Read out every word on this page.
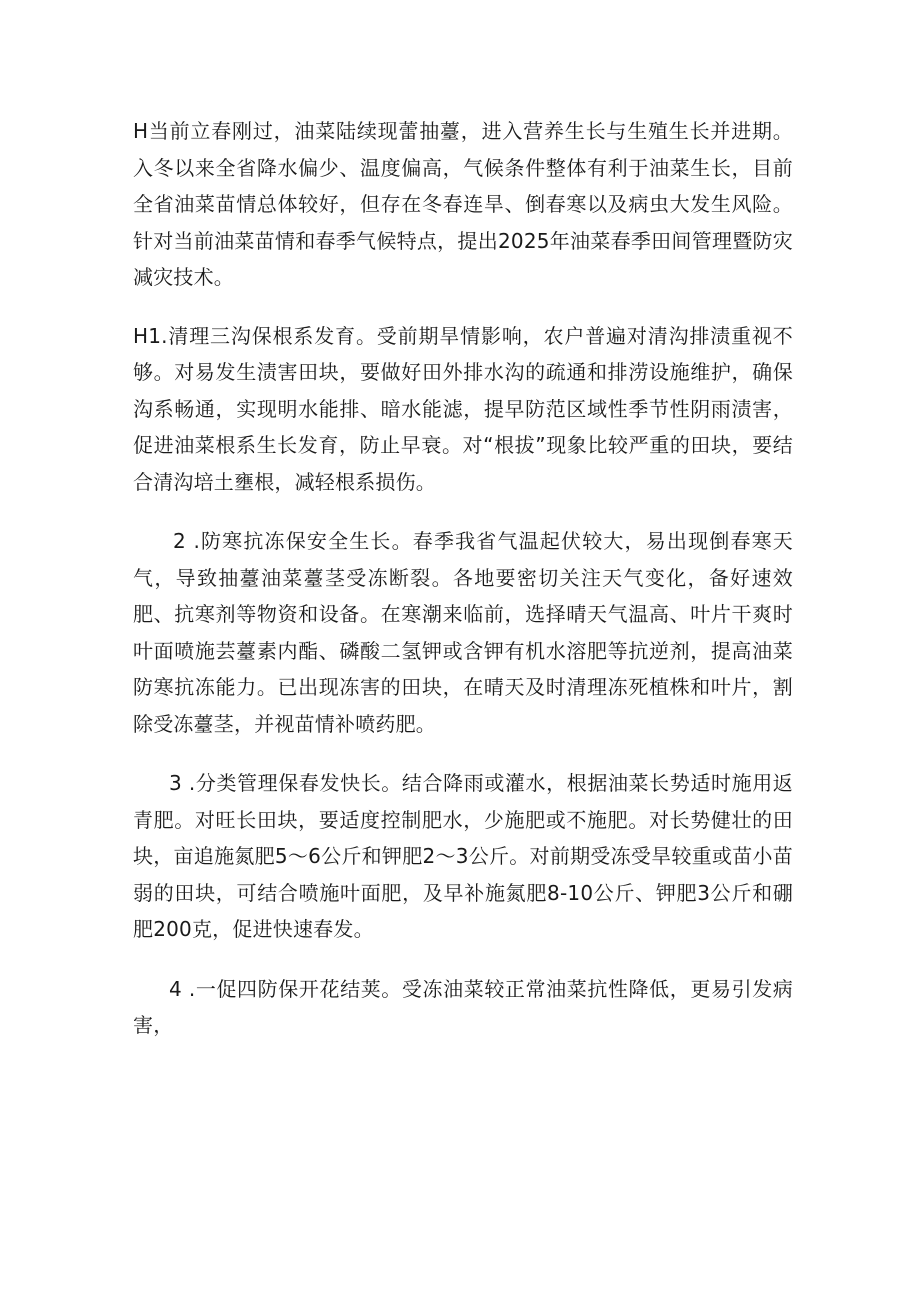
H当前立春刚过，油菜陆续现蕾抽薹，进入营养生长与生殖生长并进期。入冬以来全省降水偏少、温度偏高，气候条件整体有利于油菜生长，目前全省油菜苗情总体较好，但存在冬春连旱、倒春寒以及病虫大发生风险。针对当前油菜苗情和春季气候特点，提出2025年油菜春季田间管理暨防灾减灾技术。

H1.清理三沟保根系发育。受前期旱情影响，农户普遍对清沟排渍重视不够。对易发生渍害田块，要做好田外排水沟的疏通和排涝设施维护，确保沟系畅通，实现明水能排、暗水能滤，提早防范区域性季节性阴雨渍害，促进油菜根系生长发育，防止早衰。对“根拔”现象比较严重的田块，要结合清沟培土壅根，减轻根系损伤。

2 .防寒抗冻保安全生长。春季我省气温起伏较大，易出现倒春寒天气，导致抽薹油菜薹茎受冻断裂。各地要密切关注天气变化，备好速效肥、抗寒剂等物资和设备。在寒潮来临前，选择晴天气温高、叶片干爽时叶面喷施芸薹素内酯、磷酸二氢钾或含钾有机水溶肥等抗逆剂，提高油菜防寒抗冻能力。已出现冻害的田块，在晴天及时清理冻死植株和叶片，割除受冻薹茎，并视苗情补喷药肥。

3 .分类管理保春发快长。结合降雨或灌水，根据油菜长势适时施用返青肥。对旺长田块，要适度控制肥水，少施肥或不施肥。对长势健壮的田块，亩追施氮肥5〜6公斤和钾肥2〜3公斤。对前期受冻受旱较重或苗小苗弱的田块，可结合喷施叶面肥，及早补施氮肥8-10公斤、钾肥3公斤和硼肥200克，促进快速春发。

4 .一促四防保开花结荚。受冻油菜较正常油菜抗性降低，更易引发病害，
